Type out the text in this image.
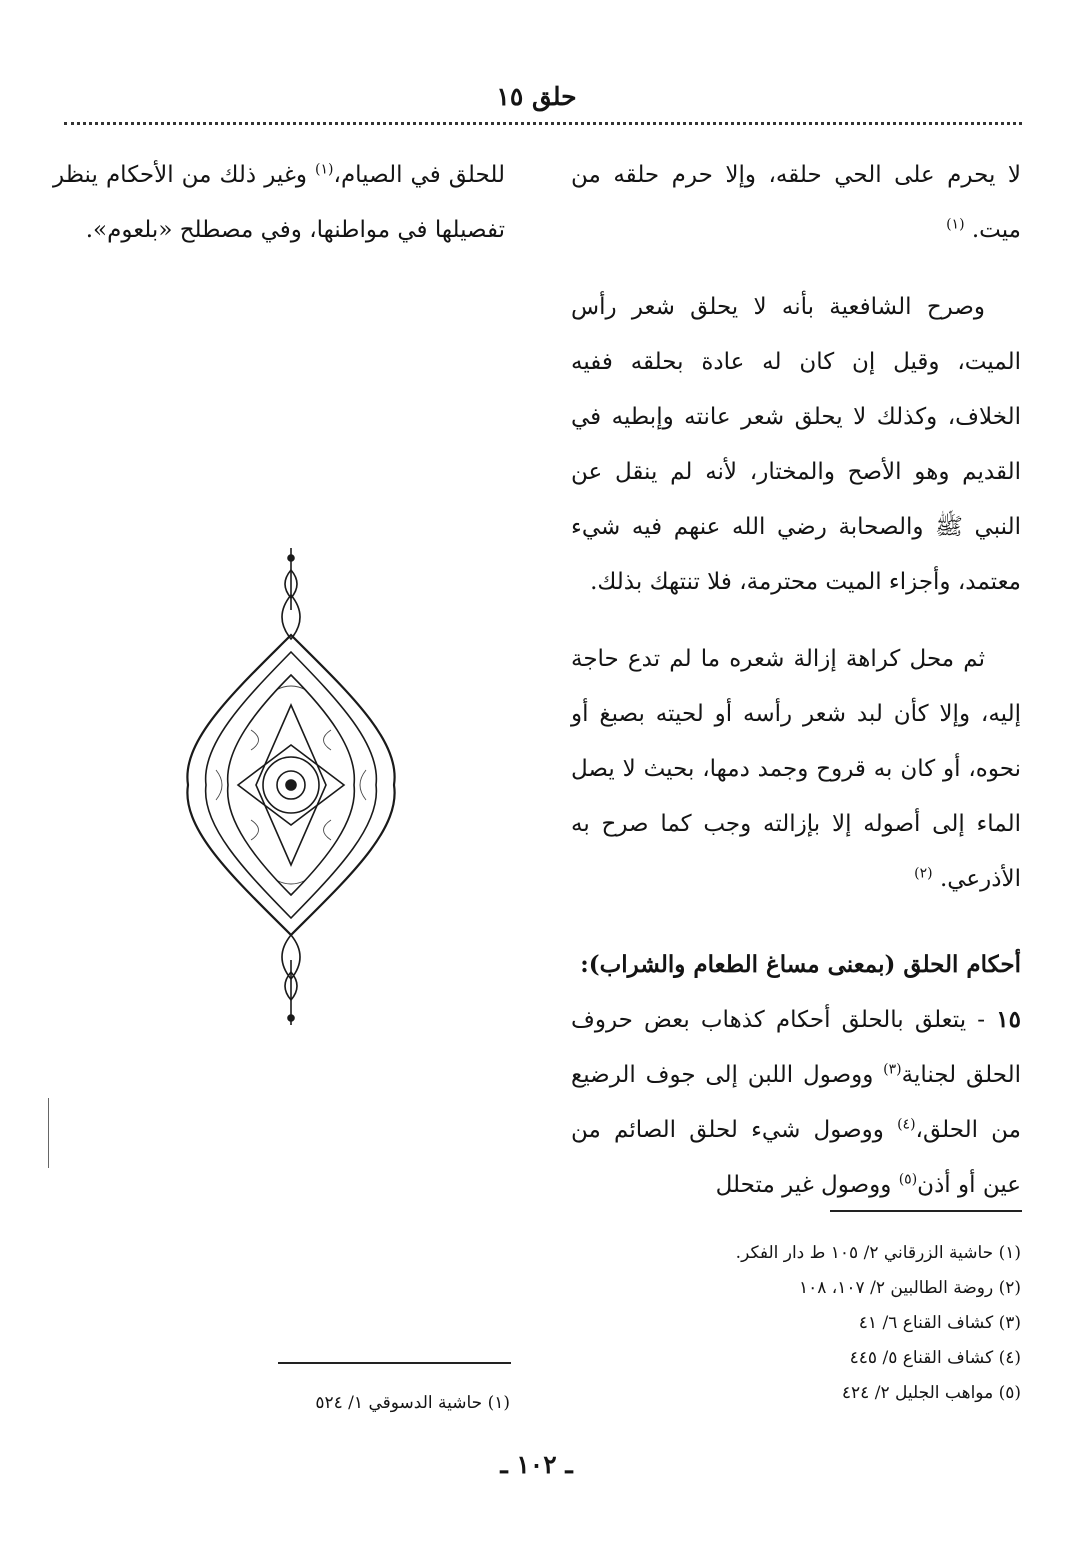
حلق ١٥
لا يحرم على الحي حلقه، وإلا حرم حلقه من ميت. $^{(١)}$
وصرح الشافعية بأنه لا يحلق شعر رأس الميت، وقيل إن كان له عادة بحلقه ففيه الخلاف، وكذلك لا يحلق شعر عانته وإبطيه في القديم وهو الأصح والمختار، لأنه لم ينقل عن النبي ﷺ والصحابة رضي الله عنهم فيه شيء معتمد، وأجزاء الميت محترمة، فلا تنتهك بذلك.
ثم محل كراهة إزالة شعره ما لم تدع حاجة إليه، وإلا كأن لبد شعر رأسه أو لحيته بصبغ أو نحوه، أو كان به قروح وجمد دمها، بحيث لا يصل الماء إلى أصوله إلا بإزالته وجب كما صرح به الأذرعي. $^{(٢)}$
أحكام الحلق (بمعنى مساغ الطعام والشراب):
١٥ - يتعلق بالحلق أحكام كذهاب بعض حروف الحلق لجناية$^{(٣)}$ ووصول اللبن إلى جوف الرضيع من الحلق،$^{(٤)}$ ووصول شيء لحلق الصائم من عين أو أذن$^{(٥)}$ ووصول غير متحلل
للحلق في الصيام،$^{(١)}$ وغير ذلك من الأحكام ينظر تفصيلها في مواطنها، وفي مصطلح «بلعوم».
(١) حاشية الزرقاني ٢/ ١٠٥ ط دار الفكر.
(٢) روضة الطالبين ٢/ ١٠٧، ١٠٨
(٣) كشاف القناع ٦/ ٤١
(٤) كشاف القناع ٥/ ٤٤٥
(٥) مواهب الجليل ٢/ ٤٢٤
(١) حاشية الدسوقي ١/ ٥٢٤
ـ ١٠٢ ـ
